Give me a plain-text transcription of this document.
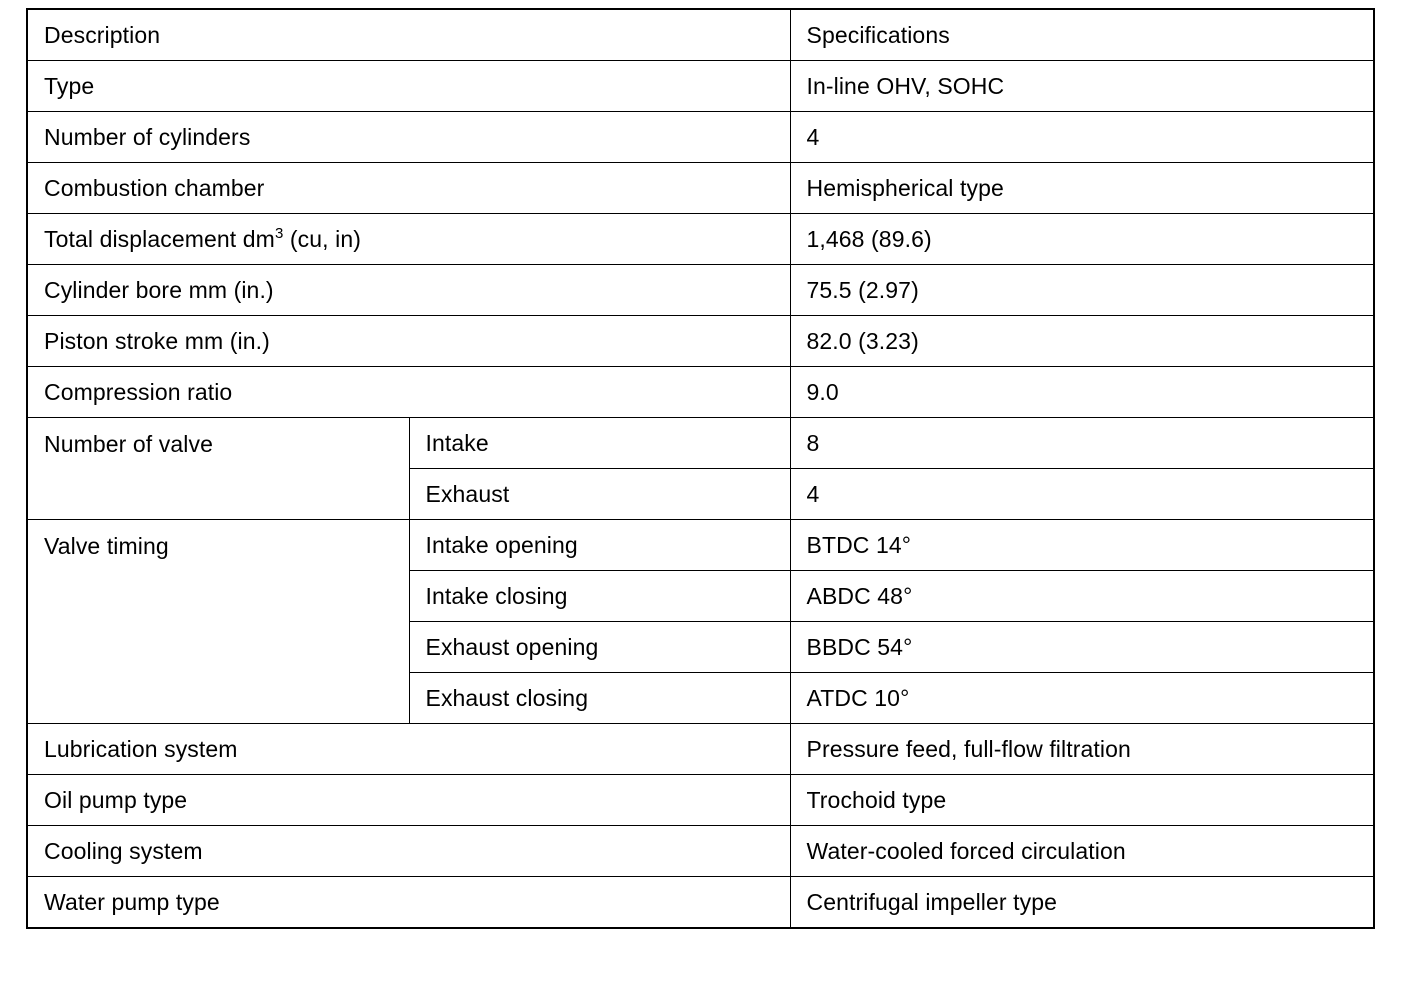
Description		Specifications
Type		In-line OHV, SOHC
Number of cylinders		4
Combustion chamber		Hemispherical type
Total displacement $dm^3$ (cu, in)		1,468 (89.6)
Cylinder bore mm (in.)		75.5 (2.97)
Piston stroke mm (in.)		82.0 (3.23)
Compression ratio		9.0
Number of valve	Intake	8
	Exhaust	4
Valve timing	Intake opening	BTDC 14°
	Intake closing	ABDC 48°
	Exhaust opening	BBDC 54°
	Exhaust closing	ATDC 10°
Lubrication system		Pressure feed, full-flow filtration
Oil pump type		Trochoid type
Cooling system		Water-cooled forced circulation
Water pump type		Centrifugal impeller type
